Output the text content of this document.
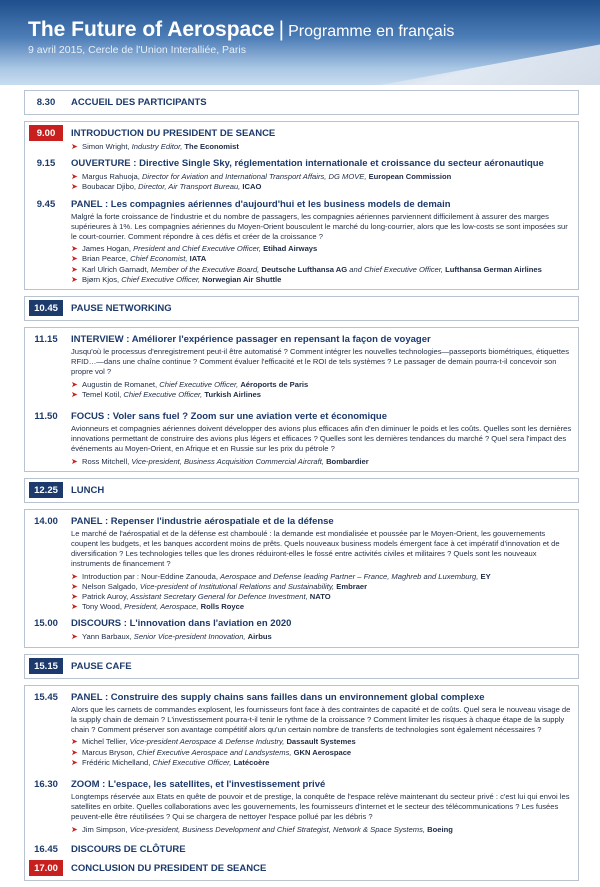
The Future of Aerospace | Programme en français
9 avril 2015, Cercle de l'Union Interalliée, Paris
8.30	ACCUEIL DES PARTICIPANTS
9.00	INTRODUCTION DU PRESIDENT DE SEANCE
➤ Simon Wright, Industry Editor, The Economist
9.15	OUVERTURE : Directive Single Sky, réglementation internationale et croissance du secteur aéronautique
➤ Margus Rahuoja, Director for Aviation and International Transport Affairs, DG MOVE, European Commission
➤ Boubacar Djibo, Director, Air Transport Bureau, ICAO
9.45	PANEL : Les compagnies aériennes d'aujourd'hui et les business models de demain
Malgré la forte croissance de l'industrie et du nombre de passagers, les compagnies aériennes parviennent difficilement à assurer des marges supérieures à 1%. Les compagnies aériennes du Moyen-Orient bousculent le marché du long-courrier, alors que les low-costs se sont imposées sur le court-courrier. Comment répondre à ces défis et créer de la croissance ?
➤ James Hogan, President and Chief Executive Officer, Etihad Airways
➤ Brian Pearce, Chief Economist, IATA
➤ Karl Ulrich Garnadt, Member of the Executive Board, Deutsche Lufthansa AG and Chief Executive Officer, Lufthansa German Airlines
➤ Bjørn Kjos, Chief Executive Officer, Norwegian Air Shuttle
10.45	PAUSE NETWORKING
11.15	INTERVIEW : Améliorer l'expérience passager en repensant la façon de voyager
Jusqu'où le processus d'enregistrement peut-il être automatisé ? Comment intégrer les nouvelles technologies—passeports biométriques, étiquettes RFID…—dans une chaîne continue ? Comment évaluer l'efficacité et le ROI de tels systèmes ? Le passager de demain pourra-t-il concevoir son propre vol ?
➤ Augustin de Romanet, Chief Executive Officer, Aéroports de Paris
➤ Temel Kotil, Chief Executive Officer, Turkish Airlines
11.50	FOCUS : Voler sans fuel ? Zoom sur une aviation verte et économique
Avionneurs et compagnies aériennes doivent développer des avions plus efficaces afin d'en diminuer le poids et les coûts. Quelles sont les dernières innovations permettant de construire des avions plus légers et efficaces ? Quelles sont les dernières tendances du marché ? Quel sera l'impact des événements au Moyen-Orient, en Afrique et en Russie sur les prix du pétrole ?
➤ Ross Mitchell, Vice-president, Business Acquisition Commercial Aircraft, Bombardier
12.25	LUNCH
14.00	PANEL : Repenser l'industrie aérospatiale et de la défense
Le marché de l'aérospatial et de la défense est chamboulé : la demande est mondialisée et poussée par le Moyen-Orient, les gouvernements coupent les budgets, et les banques accordent moins de prêts. Quels nouveaux business models émergent face à cet impératif d'innovation et de diversification ? Les technologies telles que les drones réduiront-elles le fossé entre activités civiles et militaires ? Quels sont les nouveaux instruments de financement ?
➤ Introduction par : Nour-Eddine Zanouda, Aerospace and Defense leading Partner – France, Maghreb and Luxemburg, EY
➤ Nelson Salgado, Vice-president of Institutional Relations and Sustainability, Embraer
➤ Patrick Auroy, Assistant Secretary General for Defence Investment, NATO
➤ Tony Wood, President, Aerospace, Rolls Royce
15.00	DISCOURS : L'innovation dans l'aviation en 2020
➤ Yann Barbaux, Senior Vice-president Innovation, Airbus
15.15	PAUSE CAFE
15.45	PANEL : Construire des supply chains sans failles dans un environnement global complexe
Alors que les carnets de commandes explosent, les fournisseurs font face à des contraintes de capacité et de coûts. Quel sera le nouveau visage de la supply chain de demain ? L'investissement pourra-t-il tenir le rythme de la croissance ? Comment limiter les risques à chaque étape de la supply chain ? Comment préserver son avantage compétitif alors qu'un certain nombre de transferts de technologies sont également nécessaires ?
➤ Michel Tellier, Vice-president Aerospace & Defense Industry, Dassault Systemes
➤ Marcus Bryson, Chief Executive Aerospace and Landsystems, GKN Aerospace
➤ Frédéric Michelland, Chief Executive Officer, Latécoère
16.30	ZOOM : L'espace, les satellites, et l'investissement privé
Longtemps réservée aux Etats en quête de pouvoir et de prestige, la conquête de l'espace relève maintenant du secteur privé : c'est lui qui envoi les satellites en orbite. Quelles collaborations avec les gouvernements, les fournisseurs d'internet et le secteur des télécommunications ? Les fusées peuvent-elle être réutilisées ? Qui se chargera de nettoyer l'espace pollué par les débris ?
➤ Jim Simpson, Vice-president, Business Development and Chief Strategist, Network & Space Systems, Boeing
16.45	DISCOURS DE CLÔTURE
17.00	CONCLUSION DU PRESIDENT DE SEANCE
